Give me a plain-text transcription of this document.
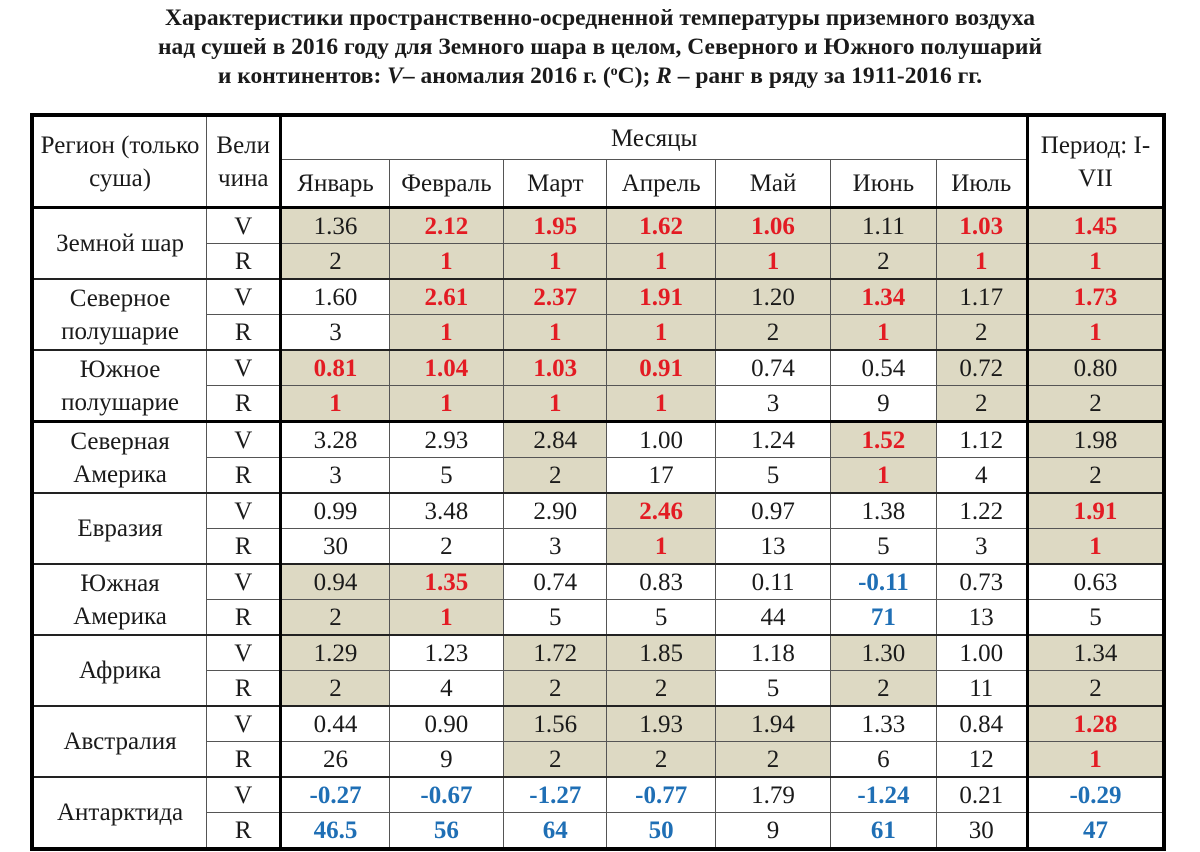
Характеристики пространственно-осредненной температуры приземного воздуха
над сушей в 2016 году для Земного шара в целом, Северного и Южного полушарий
и континентов: V– аномалия 2016 г. ($^o$C); R – ранг в ряду за 1911-2016 гг.
Регион (только суша)	Вели чина	Месяцы							Период: I-VII
		Январь	Февраль	Март	Апрель	Май	Июнь	Июль	
Земной шар	V	1.36	2.12	1.95	1.62	1.06	1.11	1.03	1.45
	R	2	1	1	1	1	2	1	1
Северное полушарие	V	1.60	2.61	2.37	1.91	1.20	1.34	1.17	1.73
	R	3	1	1	1	2	1	2	1
Южное полушарие	V	0.81	1.04	1.03	0.91	0.74	0.54	0.72	0.80
	R	1	1	1	1	3	9	2	2
Северная Америка	V	3.28	2.93	2.84	1.00	1.24	1.52	1.12	1.98
	R	3	5	2	17	5	1	4	2
Евразия	V	0.99	3.48	2.90	2.46	0.97	1.38	1.22	1.91
	R	30	2	3	1	13	5	3	1
Южная Америка	V	0.94	1.35	0.74	0.83	0.11	-0.11	0.73	0.63
	R	2	1	5	5	44	71	13	5
Африка	V	1.29	1.23	1.72	1.85	1.18	1.30	1.00	1.34
	R	2	4	2	2	5	2	11	2
Австралия	V	0.44	0.90	1.56	1.93	1.94	1.33	0.84	1.28
	R	26	9	2	2	2	6	12	1
Антарктида	V	-0.27	-0.67	-1.27	-0.77	1.79	-1.24	0.21	-0.29
	R	46.5	56	64	50	9	61	30	47
